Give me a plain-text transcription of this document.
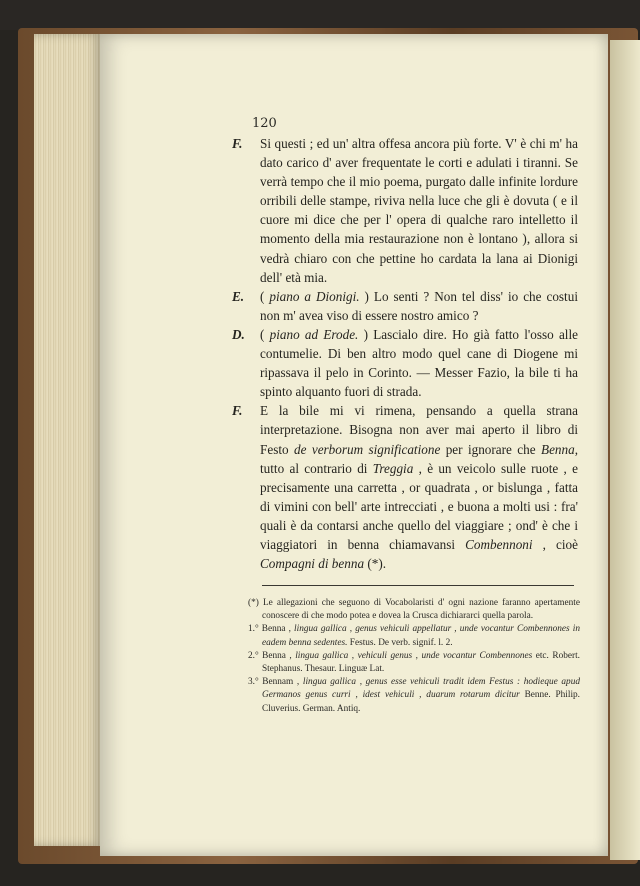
120

F. Si questi ; ed un' altra offesa ancora più forte. V' è chi m' ha dato carico d' aver frequentate le corti e adulati i tiranni. Se verrà tempo che il mio poema, purgato dalle infinite lordure orribili delle stampe, riviva nella luce che gli è dovuta ( e il cuore mi dice che per l' opera di qualche raro intelletto il momento della mia restaurazione non è lontano ), allora si vedrà chiaro con che pettine ho cardata la lana ai Dionigi dell' età mia.

E. ( piano a Dionigi. ) Lo senti ? Non tel diss' io che costui non m' avea viso di essere nostro amico ?

D. ( piano ad Erode. ) Lascialo dire. Ho già fatto l'osso alle contumelie. Di ben altro modo quel cane di Diogene mi ripassava il pelo in Corinto. — Messer Fazio, la bile ti ha spinto alquanto fuori di strada.

F. E la bile mi vi rimena, pensando a quella strana interpretazione. Bisogna non aver mai aperto il libro di Festo de verborum significatione per ignorare che Benna, tutto al contrario di Treggia , è un veicolo sulle ruote , e precisamente una carretta , or quadrata , or bislunga , fatta di vimini con bell' arte intrecciati , e buona a molti usi : fra' quali è da contarsi anche quello del viaggiare ; ond' è che i viaggiatori in benna chiamavansi Combennoni , cioè Compagni di benna (*).

(*) Le allegazioni che seguono di Vocabolaristi d' ogni nazione faranno apertamente conoscere di che modo potea e dovea la Crusca dichiararci quella parola.

1.° Benna , lingua gallica , genus vehiculi appellatur , unde vocantur Combennones in eadem benna sedentes. Festus. De verb. signif. l. 2.

2.° Benna , lingua gallica , vehiculi genus , unde vocantur Combennones etc. Robert. Stephanus. Thesaur. Linguæ Lat.

3.° Bennam , lingua gallica , genus esse vehiculi tradit idem Festus : hodieque apud Germanos genus curri , idest vehiculi , duarum rotarum dicitur Benne. Philip. Cluverius. German. Antiq.
